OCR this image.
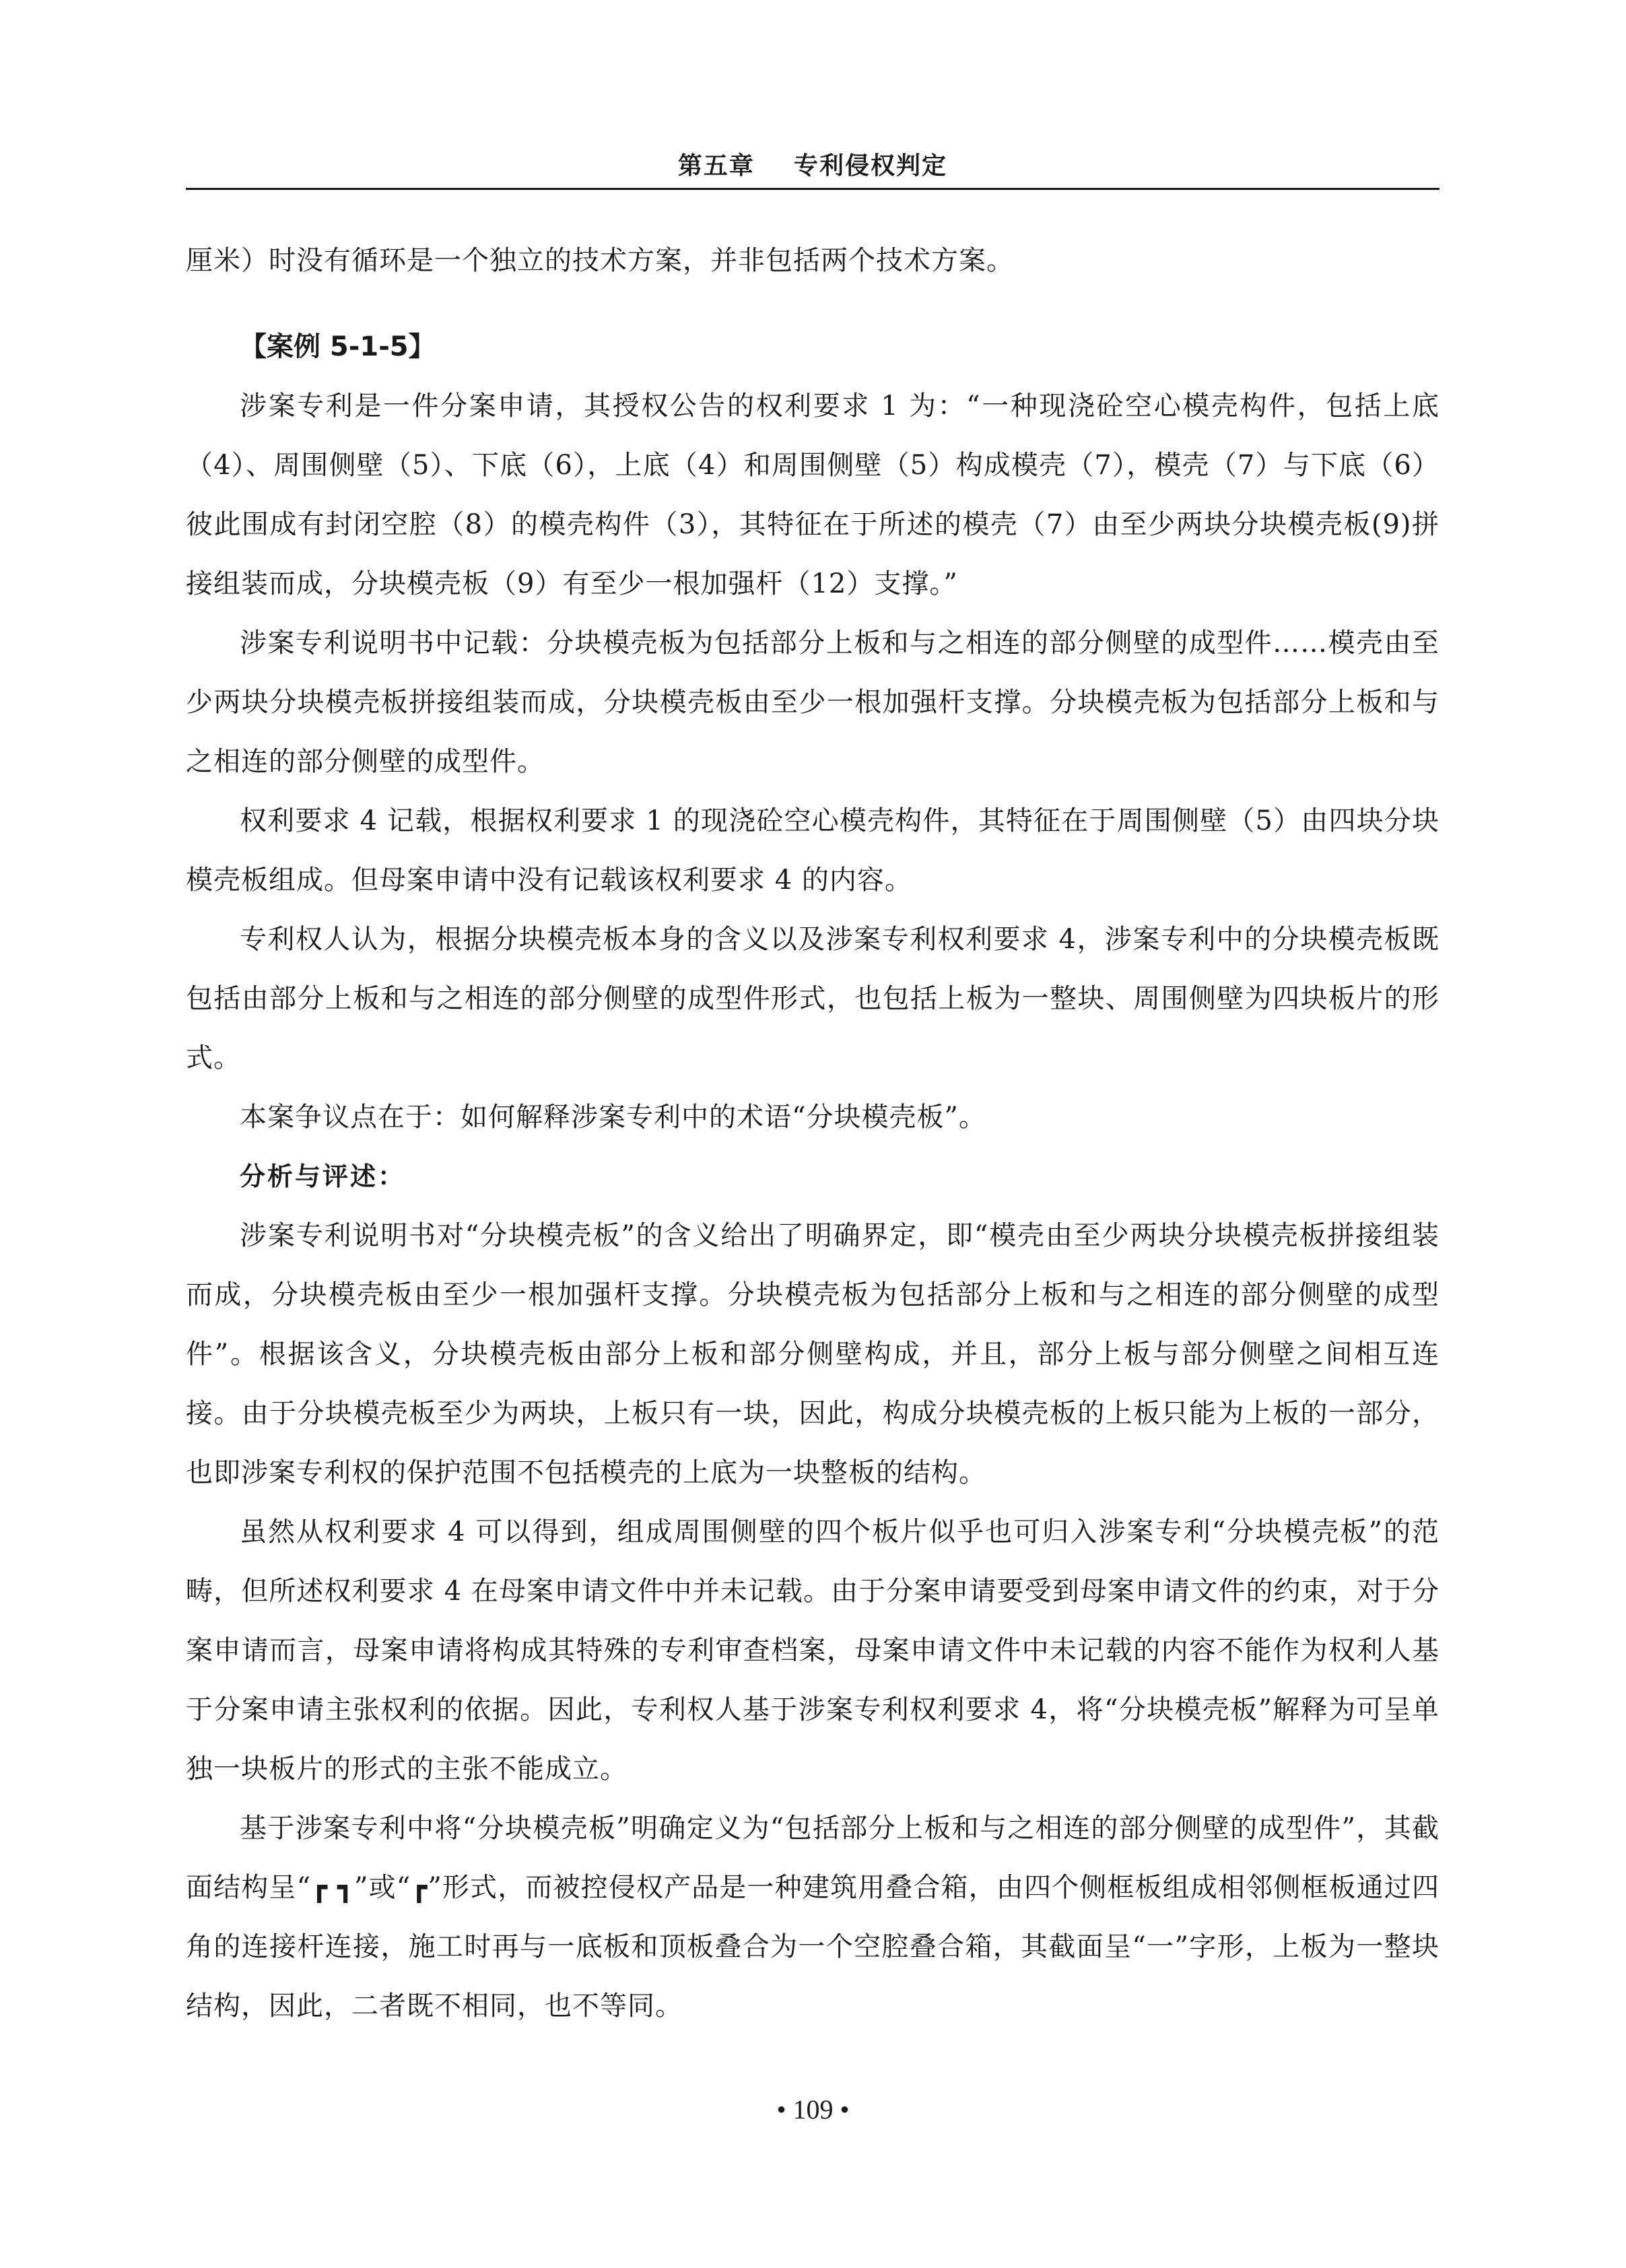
第五章    专利侵权判定

厘米）时没有循环是一个独立的技术方案，并非包括两个技术方案。

【案例 5-1-5】

涉案专利是一件分案申请，其授权公告的权利要求 1 为：“一种现浇砼空心模壳构件，包括上底（4）、周围侧壁（5）、下底（6），上底（4）和周围侧壁（5）构成模壳（7），模壳（7）与下底（6）彼此围成有封闭空腔（8）的模壳构件（3），其特征在于所述的模壳（7）由至少两块分块模壳板(9)拼接组装而成，分块模壳板（9）有至少一根加强杆（12）支撑。”

涉案专利说明书中记载：分块模壳板为包括部分上板和与之相连的部分侧壁的成型件……模壳由至少两块分块模壳板拼接组装而成，分块模壳板由至少一根加强杆支撑。分块模壳板为包括部分上板和与之相连的部分侧壁的成型件。

权利要求 4 记载，根据权利要求 1 的现浇砼空心模壳构件，其特征在于周围侧壁（5）由四块分块模壳板组成。但母案申请中没有记载该权利要求 4 的内容。

专利权人认为，根据分块模壳板本身的含义以及涉案专利权利要求 4，涉案专利中的分块模壳板既包括由部分上板和与之相连的部分侧壁的成型件形式，也包括上板为一整块、周围侧壁为四块板片的形式。

本案争议点在于：如何解释涉案专利中的术语“分块模壳板”。

分析与评述：

涉案专利说明书对“分块模壳板”的含义给出了明确界定，即“模壳由至少两块分块模壳板拼接组装而成，分块模壳板由至少一根加强杆支撑。分块模壳板为包括部分上板和与之相连的部分侧壁的成型件”。根据该含义，分块模壳板由部分上板和部分侧壁构成，并且，部分上板与部分侧壁之间相互连接。由于分块模壳板至少为两块，上板只有一块，因此，构成分块模壳板的上板只能为上板的一部分，也即涉案专利权的保护范围不包括模壳的上底为一块整板的结构。

虽然从权利要求 4 可以得到，组成周围侧壁的四个板片似乎也可归入涉案专利“分块模壳板”的范畴，但所述权利要求 4 在母案申请文件中并未记载。由于分案申请要受到母案申请文件的约束，对于分案申请而言，母案申请将构成其特殊的专利审查档案，母案申请文件中未记载的内容不能作为权利人基于分案申请主张权利的依据。因此，专利权人基于涉案专利权利要求 4，将“分块模壳板”解释为可呈单独一块板片的形式的主张不能成立。

基于涉案专利中将“分块模壳板”明确定义为“包括部分上板和与之相连的部分侧壁的成型件”，其截面结构呈“┏ ┓”或“┏”形式，而被控侵权产品是一种建筑用叠合箱，由四个侧框板组成相邻侧框板通过四角的连接杆连接，施工时再与一底板和顶板叠合为一个空腔叠合箱，其截面呈“一”字形，上板为一整块结构，因此，二者既不相同，也不等同。

• 109 •
